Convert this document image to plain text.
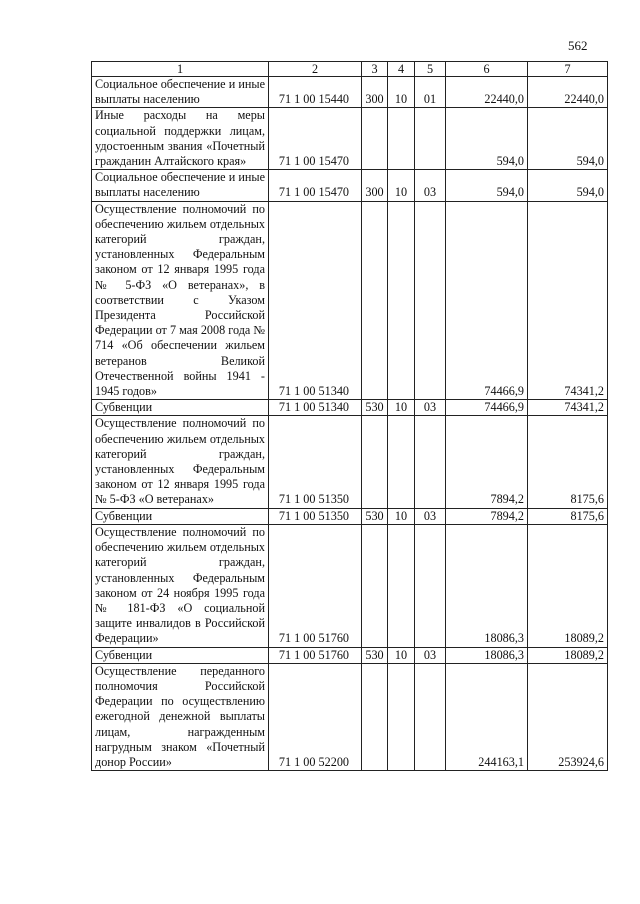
562
1	2	3	4	5	6	7
Социальное обеспечение и иные выплаты населению	71 1 00 15440	300	10	01	22440,0	22440,0
Иные расходы на меры социальной поддержки лицам, удостоенным звания «Почетный гражданин Алтайского края»	71 1 00 15470				594,0	594,0
Социальное обеспечение и иные выплаты населению	71 1 00 15470	300	10	03	594,0	594,0
Осуществление полномочий по обеспечению жильем отдельных категорий граждан, установленных Федеральным законом от 12 января 1995 года № 5-ФЗ «О ветеранах», в соответствии с Указом Президента Российской Федерации от 7 мая 2008 года № 714 «Об обеспечении жильем ветеранов Великой Отечественной войны 1941 - 1945 годов»	71 1 00 51340				74466,9	74341,2
Субвенции	71 1 00 51340	530	10	03	74466,9	74341,2
Осуществление полномочий по обеспечению жильем отдельных категорий граждан, установленных Федеральным законом от 12 января 1995 года № 5-ФЗ «О ветеранах»	71 1 00 51350				7894,2	8175,6
Субвенции	71 1 00 51350	530	10	03	7894,2	8175,6
Осуществление полномочий по обеспечению жильем отдельных категорий граждан, установленных Федеральным законом от 24 ноября 1995 года № 181-ФЗ «О социальной защите инвалидов в Российской Федерации»	71 1 00 51760				18086,3	18089,2
Субвенции	71 1 00 51760	530	10	03	18086,3	18089,2
Осуществление переданного полномочия Российской Федерации по осуществлению ежегодной денежной выплаты лицам, награжденным нагрудным знаком «Почетный донор России»	71 1 00 52200				244163,1	253924,6
